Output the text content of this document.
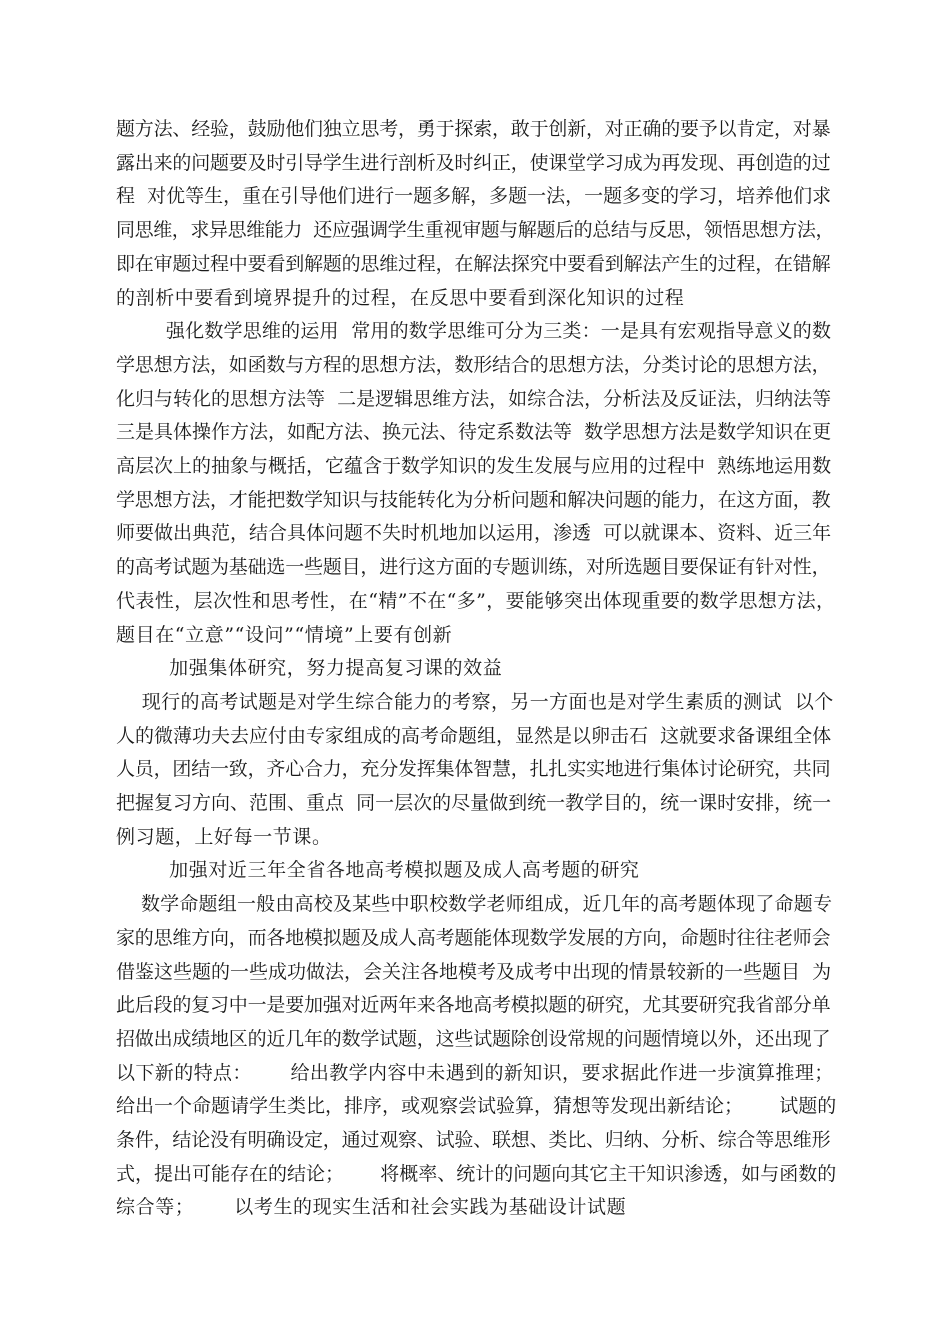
题方法、经验，鼓励他们独立思考，勇于探索，敢于创新，对正确的要予以肯定，对暴
露出来的问题要及时引导学生进行剖析及时纠正，使课堂学习成为再发现、再创造的过
程  对优等生，重在引导他们进行一题多解，多题一法，一题多变的学习，培养他们求
同思维，求异思维能力  还应强调学生重视审题与解题后的总结与反思，领悟思想方法，
即在审题过程中要看到解题的思维过程，在解法探究中要看到解法产生的过程，在错解
的剖析中要看到境界提升的过程，在反思中要看到深化知识的过程
强化数学思维的运用  常用的数学思维可分为三类：一是具有宏观指导意义的数
学思想方法，如函数与方程的思想方法，数形结合的思想方法，分类讨论的思想方法，
化归与转化的思想方法等  二是逻辑思维方法，如综合法，分析法及反证法，归纳法等
三是具体操作方法，如配方法、换元法、待定系数法等  数学思想方法是数学知识在更
高层次上的抽象与概括，它蕴含于数学知识的发生发展与应用的过程中  熟练地运用数
学思想方法，才能把数学知识与技能转化为分析问题和解决问题的能力，在这方面，教
师要做出典范，结合具体问题不失时机地加以运用，渗透  可以就课本、资料、近三年
的高考试题为基础选一些题目，进行这方面的专题训练，对所选题目要保证有针对性，
代表性，层次性和思考性，在“精”不在“多”，要能够突出体现重要的数学思想方法，
题目在“立意”“设问”“情境”上要有创新
加强集体研究，努力提高复习课的效益
现行的高考试题是对学生综合能力的考察，另一方面也是对学生素质的测试  以个
人的微薄功夫去应付由专家组成的高考命题组，显然是以卵击石  这就要求备课组全体
人员，团结一致，齐心合力，充分发挥集体智慧，扎扎实实地进行集体讨论研究，共同
把握复习方向、范围、重点  同一层次的尽量做到统一教学目的，统一课时安排，统一
例习题，上好每一节课。
加强对近三年全省各地高考模拟题及成人高考题的研究
数学命题组一般由高校及某些中职校数学老师组成，近几年的高考题体现了命题专
家的思维方向，而各地模拟题及成人高考题能体现数学发展的方向，命题时往往老师会
借鉴这些题的一些成功做法，会关注各地模考及成考中出现的情景较新的一些题目  为
此后段的复习中一是要加强对近两年来各地高考模拟题的研究，尤其要研究我省部分单
招做出成绩地区的近几年的数学试题，这些试题除创设常规的问题情境以外，还出现了
以下新的特点：      给出教学内容中未遇到的新知识，要求据此作进一步演算推理；
给出一个命题请学生类比，排序，或观察尝试验算，猜想等发现出新结论；      试题的
条件，结论没有明确设定，通过观察、试验、联想、类比、归纳、分析、综合等思维形
式，提出可能存在的结论；      将概率、统计的问题向其它主干知识渗透，如与函数的
综合等；      以考生的现实生活和社会实践为基础设计试题
